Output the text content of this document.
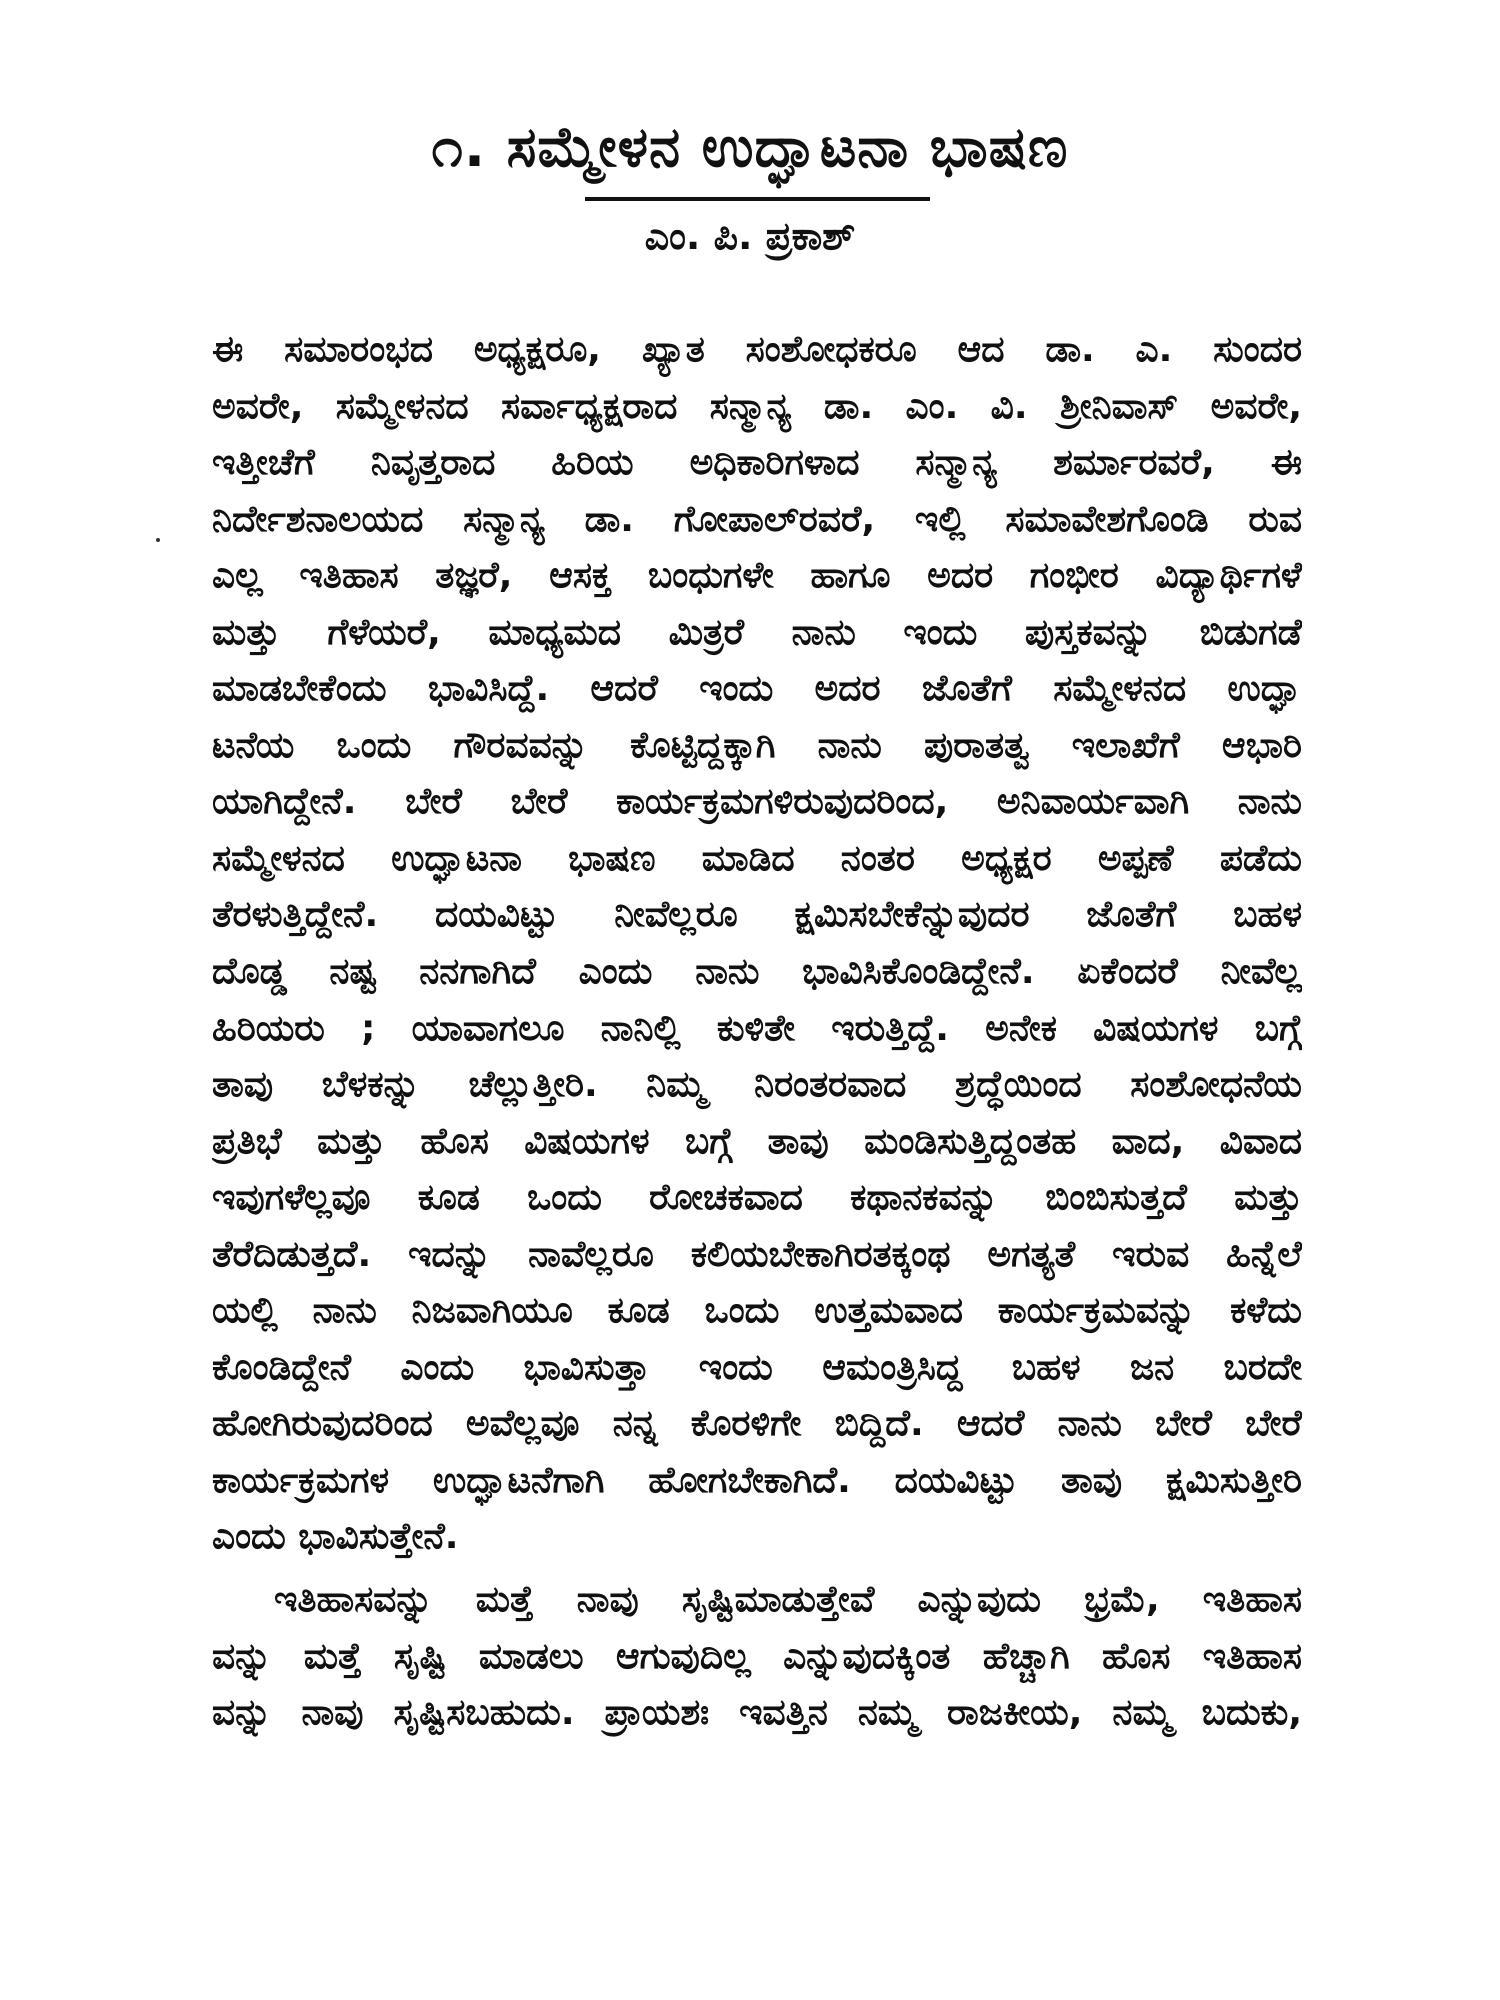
೧. ಸಮ್ಮೇಳನ ಉದ್ಘಾಟನಾ ಭಾಷಣ
ಎಂ. ಪಿ. ಪ್ರಕಾಶ್
ಈ ಸಮಾರಂಭದ ಅಧ್ಯಕ್ಷರೂ, ಖ್ಯಾತ ಸಂಶೋಧಕರೂ ಆದ ಡಾ. ಎ. ಸುಂದರ
ಅವರೇ, ಸಮ್ಮೇಳನದ ಸರ್ವಾಧ್ಯಕ್ಷರಾದ ಸನ್ಮಾನ್ಯ ಡಾ. ಎಂ. ವಿ. ಶ್ರೀನಿವಾಸ್ ಅವರೇ,
ಇತ್ತೀಚೆಗೆ ನಿವೃತ್ತರಾದ ಹಿರಿಯ ಅಧಿಕಾರಿಗಳಾದ ಸನ್ಮಾನ್ಯ ಶರ್ಮಾರವರೆ, ಈ
ನಿರ್ದೇಶನಾಲಯದ ಸನ್ಮಾನ್ಯ ಡಾ. ಗೋಪಾಲ್‌ರವರೆ, ಇಲ್ಲಿ ಸಮಾವೇಶಗೊಂಡಿ ರುವ
ಎಲ್ಲ ಇತಿಹಾಸ ತಜ್ಞರೆ, ಆಸಕ್ತ ಬಂಧುಗಳೇ ಹಾಗೂ ಅದರ ಗಂಭೀರ ವಿದ್ಯಾರ್ಥಿಗಳೆ
ಮತ್ತು ಗೆಳೆಯರೆ, ಮಾಧ್ಯಮದ ಮಿತ್ರರೆ ನಾನು ಇಂದು ಪುಸ್ತಕವನ್ನು ಬಿಡುಗಡೆ
ಮಾಡಬೇಕೆಂದು ಭಾವಿಸಿದ್ದೆ. ಆದರೆ ಇಂದು ಅದರ ಜೊತೆಗೆ ಸಮ್ಮೇಳನದ ಉದ್ಘಾ
ಟನೆಯ ಒಂದು ಗೌರವವನ್ನು ಕೊಟ್ಟಿದ್ದಕ್ಕಾಗಿ ನಾನು ಪುರಾತತ್ವ ಇಲಾಖೆಗೆ ಆಭಾರಿ
ಯಾಗಿದ್ದೇನೆ. ಬೇರೆ ಬೇರೆ ಕಾರ್ಯಕ್ರಮಗಳಿರುವುದರಿಂದ, ಅನಿವಾರ್ಯವಾಗಿ ನಾನು
ಸಮ್ಮೇಳನದ ಉದ್ಘಾಟನಾ ಭಾಷಣ ಮಾಡಿದ ನಂತರ ಅಧ್ಯಕ್ಷರ ಅಪ್ಪಣೆ ಪಡೆದು
ತೆರಳುತ್ತಿದ್ದೇನೆ. ದಯವಿಟ್ಟು ನೀವೆಲ್ಲರೂ ಕ್ಷಮಿಸಬೇಕೆನ್ನುವುದರ ಜೊತೆಗೆ ಬಹಳ
ದೊಡ್ಡ ನಷ್ಟ ನನಗಾಗಿದೆ ಎಂದು ನಾನು ಭಾವಿಸಿಕೊಂಡಿದ್ದೇನೆ. ಏಕೆಂದರೆ ನೀವೆಲ್ಲ
ಹಿರಿಯರು ; ಯಾವಾಗಲೂ ನಾನಿಲ್ಲಿ ಕುಳಿತೇ ಇರುತ್ತಿದ್ದೆ. ಅನೇಕ ವಿಷಯಗಳ ಬಗ್ಗೆ
ತಾವು ಬೆಳಕನ್ನು ಚೆಲ್ಲುತ್ತೀರಿ. ನಿಮ್ಮ ನಿರಂತರವಾದ ಶ್ರದ್ಧೆಯಿಂದ ಸಂಶೋಧನೆಯ
ಪ್ರತಿಭೆ ಮತ್ತು ಹೊಸ ವಿಷಯಗಳ ಬಗ್ಗೆ ತಾವು ಮಂಡಿಸುತ್ತಿದ್ದಂತಹ ವಾದ, ವಿವಾದ
ಇವುಗಳೆಲ್ಲವೂ ಕೂಡ ಒಂದು ರೋಚಕವಾದ ಕಥಾನಕವನ್ನು ಬಿಂಬಿಸುತ್ತದೆ ಮತ್ತು
ತೆರೆದಿಡುತ್ತದೆ. ಇದನ್ನು ನಾವೆಲ್ಲರೂ ಕಲಿಯಬೇಕಾಗಿರತಕ್ಕಂಥ ಅಗತ್ಯತೆ ಇರುವ ಹಿನ್ನೆಲೆ
ಯಲ್ಲಿ ನಾನು ನಿಜವಾಗಿಯೂ ಕೂಡ ಒಂದು ಉತ್ತಮವಾದ ಕಾರ್ಯಕ್ರಮವನ್ನು ಕಳೆದು
ಕೊಂಡಿದ್ದೇನೆ ಎಂದು ಭಾವಿಸುತ್ತಾ ಇಂದು ಆಮಂತ್ರಿಸಿದ್ದ ಬಹಳ ಜನ ಬರದೇ
ಹೋಗಿರುವುದರಿಂದ ಅವೆಲ್ಲವೂ ನನ್ನ ಕೊರಳಿಗೇ ಬಿದ್ದಿದೆ. ಆದರೆ ನಾನು ಬೇರೆ ಬೇರೆ
ಕಾರ್ಯಕ್ರಮಗಳ ಉದ್ಘಾಟನೆಗಾಗಿ ಹೋಗಬೇಕಾಗಿದೆ. ದಯವಿಟ್ಟು ತಾವು ಕ್ಷಮಿಸುತ್ತೀರಿ
ಎಂದು ಭಾವಿಸುತ್ತೇನೆ.
ಇತಿಹಾಸವನ್ನು ಮತ್ತೆ ನಾವು ಸೃಷ್ಟಿಮಾಡುತ್ತೇವೆ ಎನ್ನುವುದು ಭ್ರಮೆ, ಇತಿಹಾಸ
ವನ್ನು ಮತ್ತೆ ಸೃಷ್ಟಿ ಮಾಡಲು ಆಗುವುದಿಲ್ಲ ಎನ್ನುವುದಕ್ಕಿಂತ ಹೆಚ್ಚಾಗಿ ಹೊಸ ಇತಿಹಾಸ
ವನ್ನು ನಾವು ಸೃಷ್ಟಿಸಬಹುದು. ಪ್ರಾಯಶಃ ಇವತ್ತಿನ ನಮ್ಮ ರಾಜಕೀಯ, ನಮ್ಮ ಬದುಕು,
